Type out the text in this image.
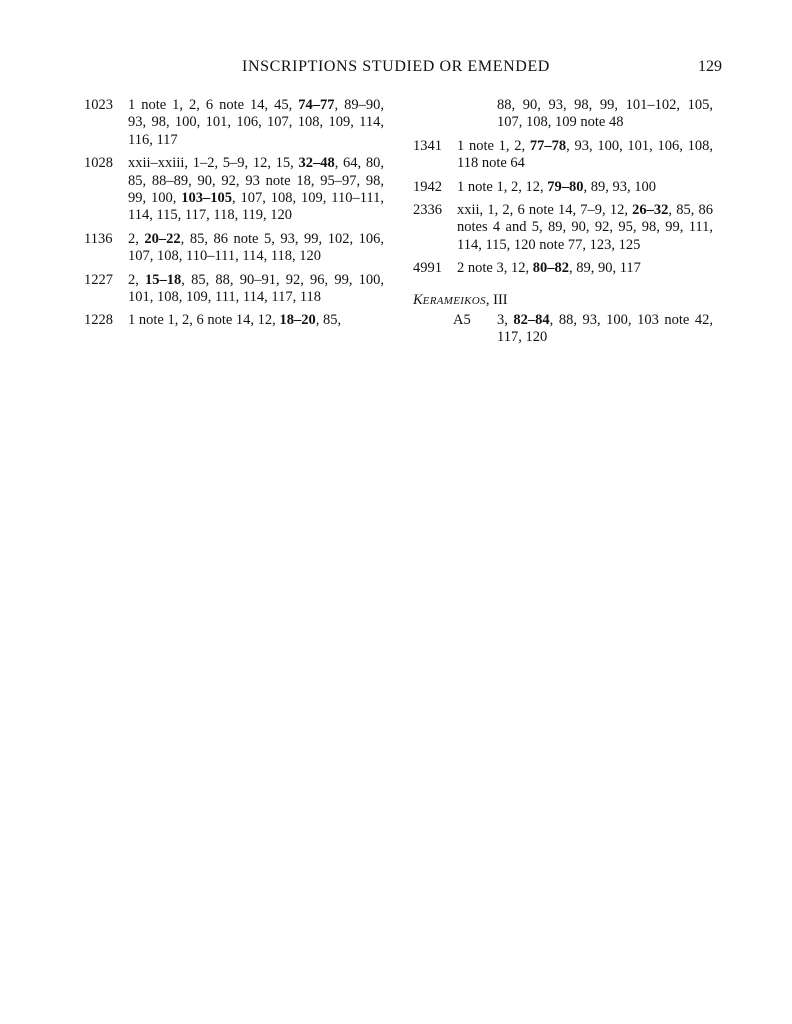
INSCRIPTIONS STUDIED OR EMENDED	129
1023	1 note 1, 2, 6 note 14, 45, 74–77, 89–90, 93, 98, 100, 101, 106, 107, 108, 109, 114, 116, 117
1028	xxii–xxiii, 1–2, 5–9, 12, 15, 32–48, 64, 80, 85, 88–89, 90, 92, 93 note 18, 95–97, 98, 99, 100, 103–105, 107, 108, 109, 110–111, 114, 115, 117, 118, 119, 120
1136	2, 20–22, 85, 86 note 5, 93, 99, 102, 106, 107, 108, 110–111, 114, 118, 120
1227	2, 15–18, 85, 88, 90–91, 92, 96, 99, 100, 101, 108, 109, 111, 114, 117, 118
1228	1 note 1, 2, 6 note 14, 12, 18–20, 85,
88, 90, 93, 98, 99, 101–102, 105, 107, 108, 109 note 48
1341	1 note 1, 2, 77–78, 93, 100, 101, 106, 108, 118 note 64
1942	1 note 1, 2, 12, 79–80, 89, 93, 100
2336	xxii, 1, 2, 6 note 14, 7–9, 12, 26–32, 85, 86 notes 4 and 5, 89, 90, 92, 95, 98, 99, 111, 114, 115, 120 note 77, 123, 125
4991	2 note 3, 12, 80–82, 89, 90, 117
KERAMEIKOS, III
A5	3, 82–84, 88, 93, 100, 103 note 42, 117, 120
